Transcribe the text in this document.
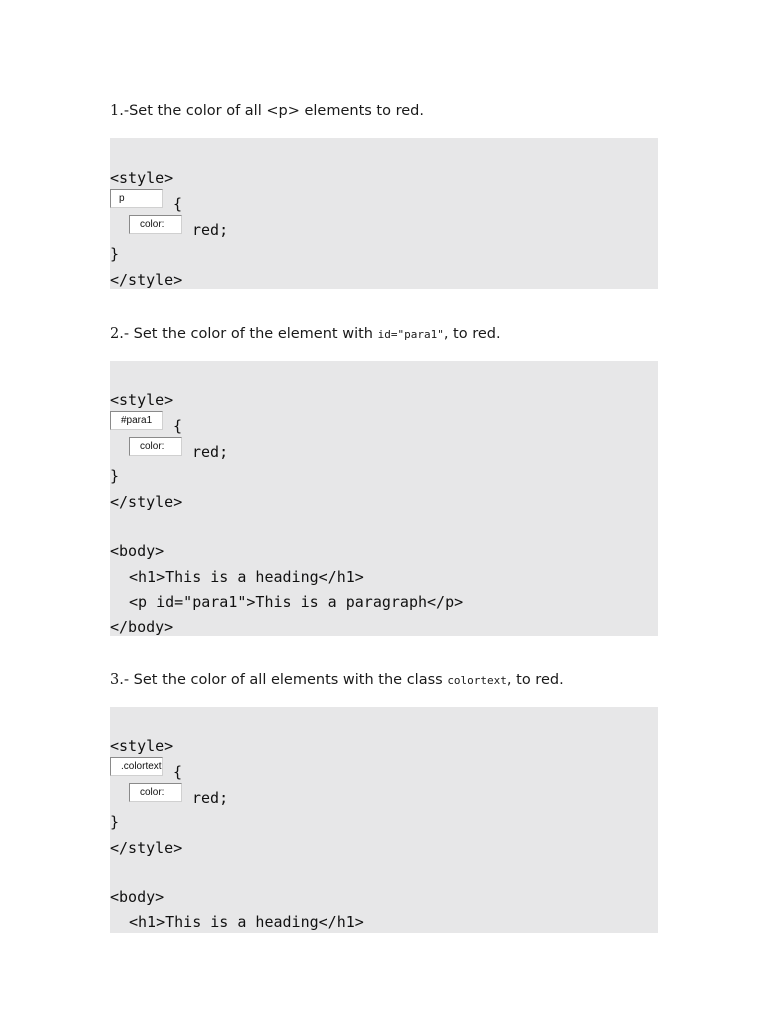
1.-Set the color of all <p> elements to red.
<style>
p	{
color:	red;
}
</style>
2.- Set the color of the element with id="para1", to red.
<style>
#para1	{
color:	red;
}
</style>
<body>
<h1>This is a heading</h1>
<p id="para1">This is a paragraph</p>
</body>
3.- Set the color of all elements with the class colortext, to red.
<style>
.colortext {
color:	red;
}
</style>
<body>
<h1>This is a heading</h1>
